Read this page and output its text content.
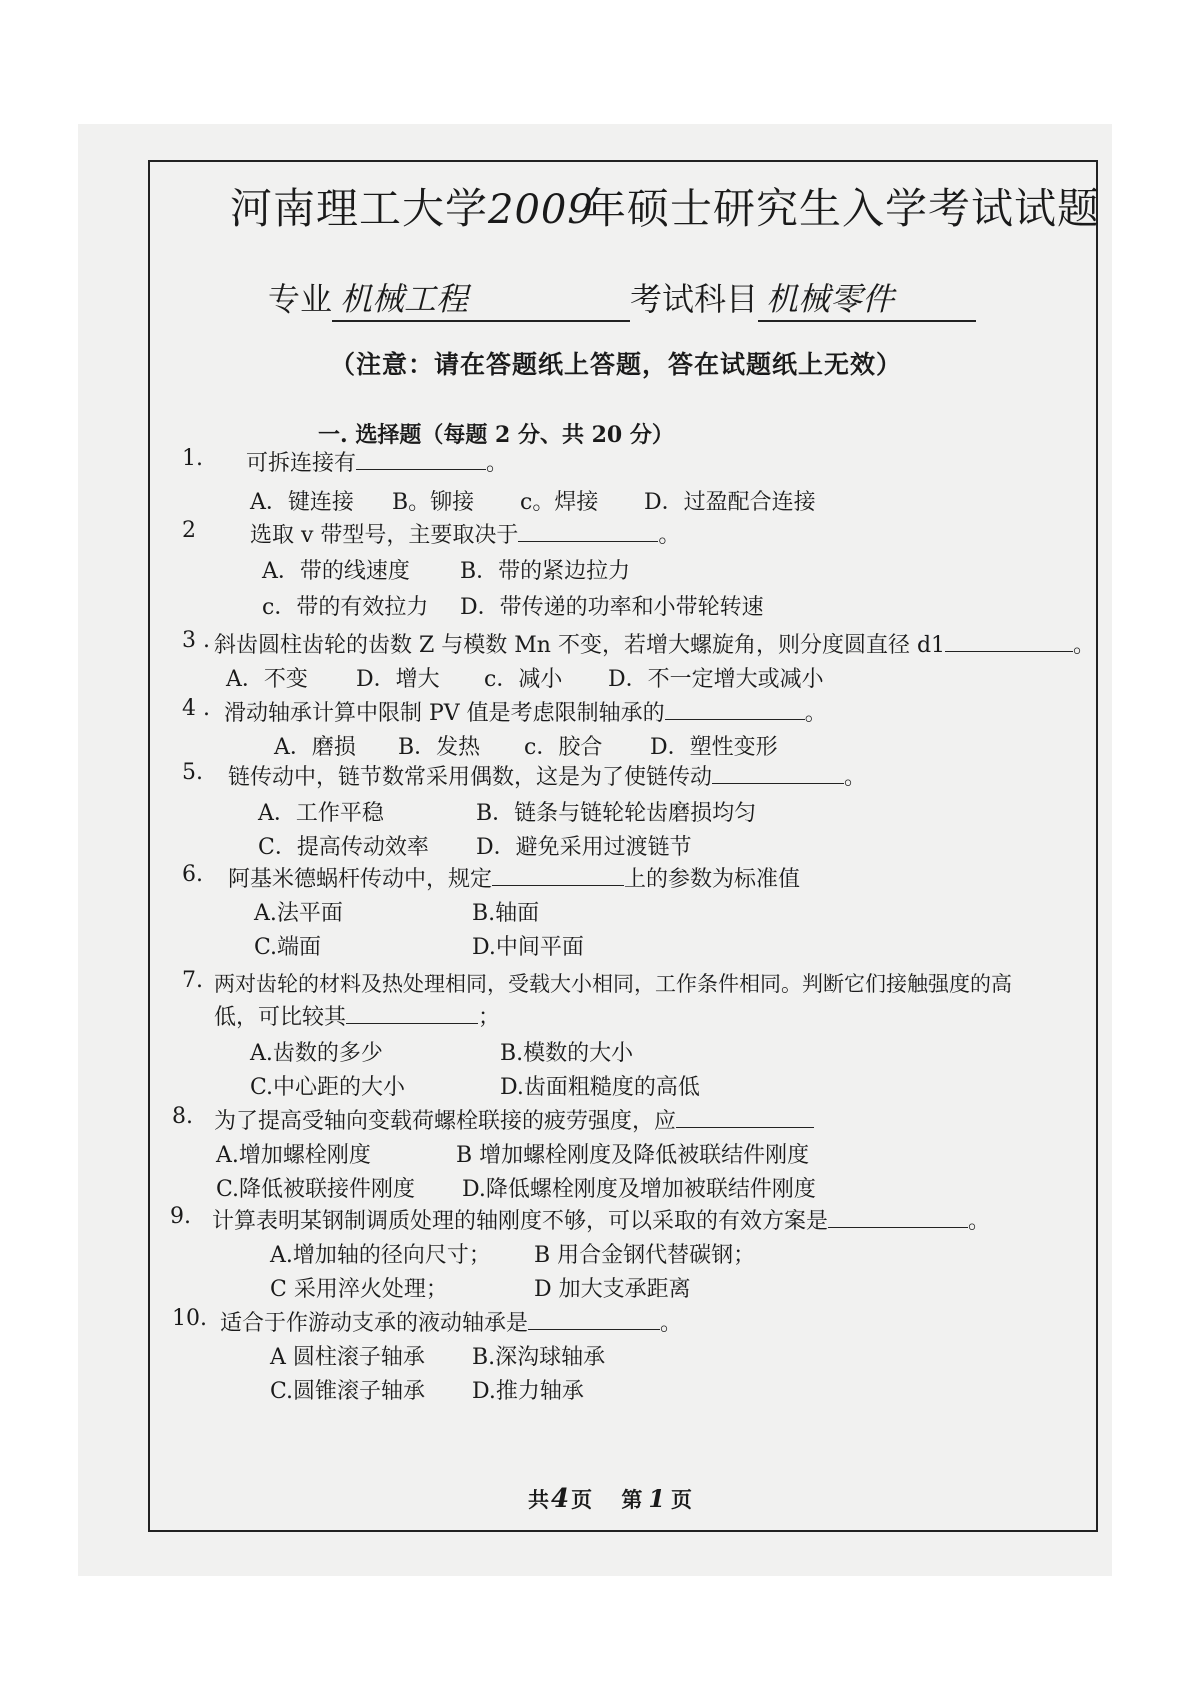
河南理工大学2009年硕士研究生入学考试试题
专业 机械工程	考试科目 机械零件
（注意：请在答题纸上答题，答在试题纸上无效）
一. 选择题（每题 2 分、共 20 分）
1. 可拆连接有	。
A．键连接 B。铆接 c。焊接 D．过盈配合连接
2 选取 v 带型号，主要取决于	。
A．带的线速度 B．带的紧边拉力
c．带的有效拉力 D．带传递的功率和小带轮转速
3 . 斜齿圆柱齿轮的齿数 Z 与模数 Mn 不变，若增大螺旋角，则分度圆直径 d1	。
A．不变 D．增大 c．减小 D．不一定增大或减小
4 . 滑动轴承计算中限制 PV 值是考虑限制轴承的	。
A．磨损 B．发热 c．胶合 D．塑性变形
5. 链传动中，链节数常采用偶数，这是为了使链传动	。
A．工作平稳	B．链条与链轮轮齿磨损均匀
C．提高传动效率 D．避免采用过渡链节
6. 阿基米德蜗杆传动中，规定	上的参数为标准值
A.法平面	B.轴面
C.端面	D.中间平面
7. 两对齿轮的材料及热处理相同，受载大小相同，工作条件相同。判断它们接触强度的高
低，可比较其	；
A.齿数的多少	B.模数的大小
C.中心距的大小	D.齿面粗糙度的高低
8. 为了提高受轴向变载荷螺栓联接的疲劳强度，应
A.增加螺栓刚度	B 增加螺栓刚度及降低被联结件刚度
C.降低被联接件刚度 D.降低螺栓刚度及增加被联结件刚度
9. 计算表明某钢制调质处理的轴刚度不够，可以采取的有效方案是	。
A.增加轴的径向尺寸； B 用合金钢代替碳钢；
C 采用淬火处理；	D 加大支承距离
10. 适合于作游动支承的液动轴承是	。
A 圆柱滚子轴承 B.深沟球轴承
C.圆锥滚子轴承 D.推力轴承
共4页 第 1 页
